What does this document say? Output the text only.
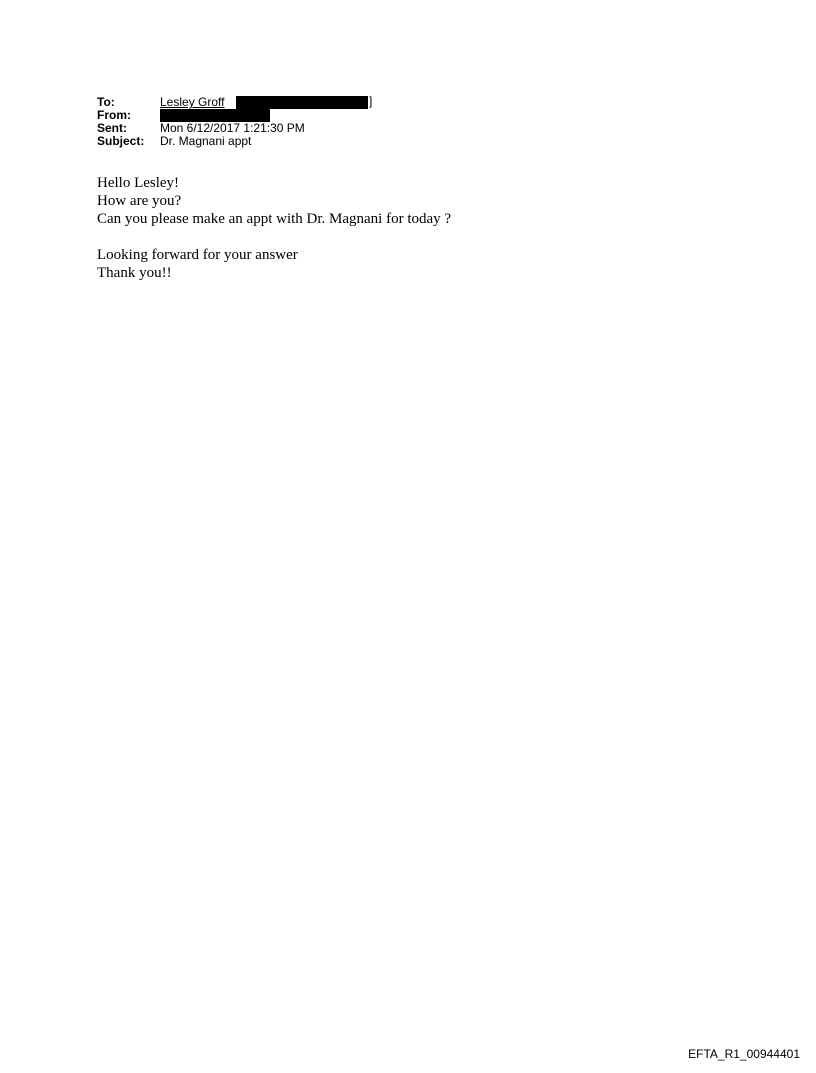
To:	Lesley Groff	]
From:
Sent:	Mon 6/12/2017 1:21:30 PM
Subject:	Dr. Magnani appt

Hello Lesley!

How are you?

Can you please make an appt with Dr. Magnani for today ?

Looking forward for your answer

Thank you!!

EFTA_R1_00944401
